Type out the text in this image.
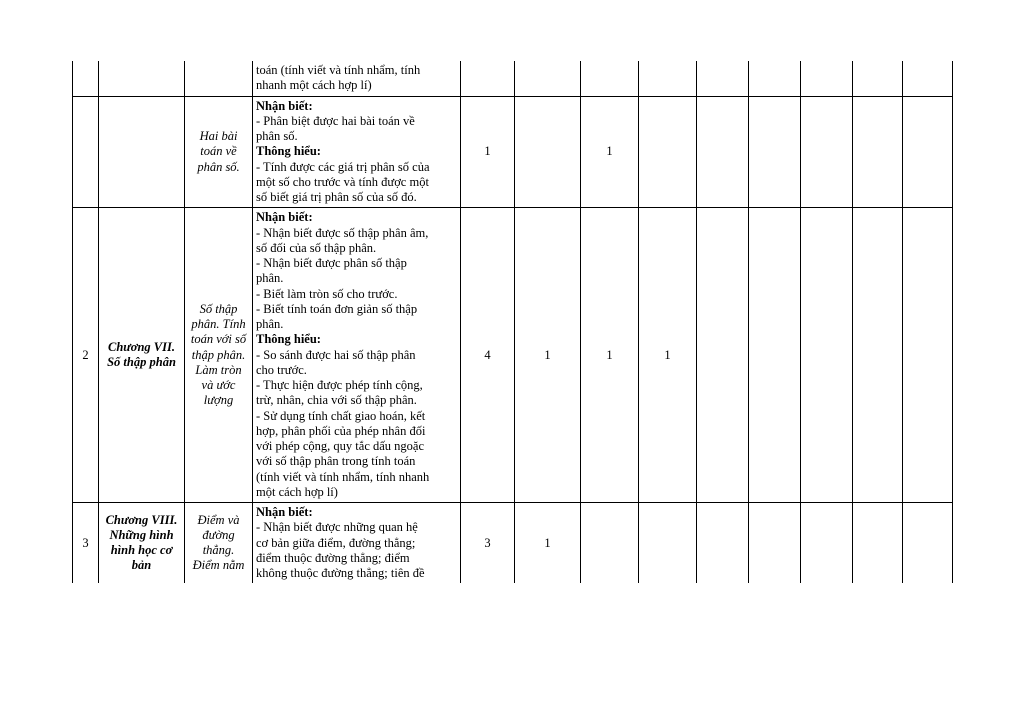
			toán (tính viết và tính nhẩm, tính
nhanh một cách hợp lí)									

		Hai bài toán về phân số.	
Nhận biết:
- Phân biệt được hai bài toán về
phân số.
Thông hiểu:
- Tính được các giá trị phân số của
một số cho trước và tính được một
số biết giá trị phân số của số đó.
	1		1						
2	Chương VII. Số thập phân	Số thập phân. Tính toán với số thập phân. Làm tròn và ước lượng	
Nhận biết:
- Nhận biết được số thập phân âm,
số đối của số thập phân.
- Nhận biết được phân số thập
phân.
- Biết làm tròn số cho trước.
- Biết tính toán đơn giản số thập
phân.
Thông hiểu:
- So sánh được hai số thập phân
cho trước.
- Thực hiện được phép tính cộng,
trừ, nhân, chia với số thập phân.
- Sử dụng tính chất giao hoán, kết
hợp, phân phối của phép nhân đối
với phép cộng, quy tắc dấu ngoặc
với số thập phân trong tính toán
(tính viết và tính nhẩm, tính nhanh
một cách hợp lí)
	4	1	1	1					
3	Chương VIII. Những hình hình học cơ bản	Điểm và đường thẳng. Điểm nằm	Nhận biết:
- Nhận biết được những quan hệ
cơ bản giữa điểm, đường thẳng;
điểm thuộc đường thẳng; điểm
không thuộc đường thẳng; tiên đề	3	1							
